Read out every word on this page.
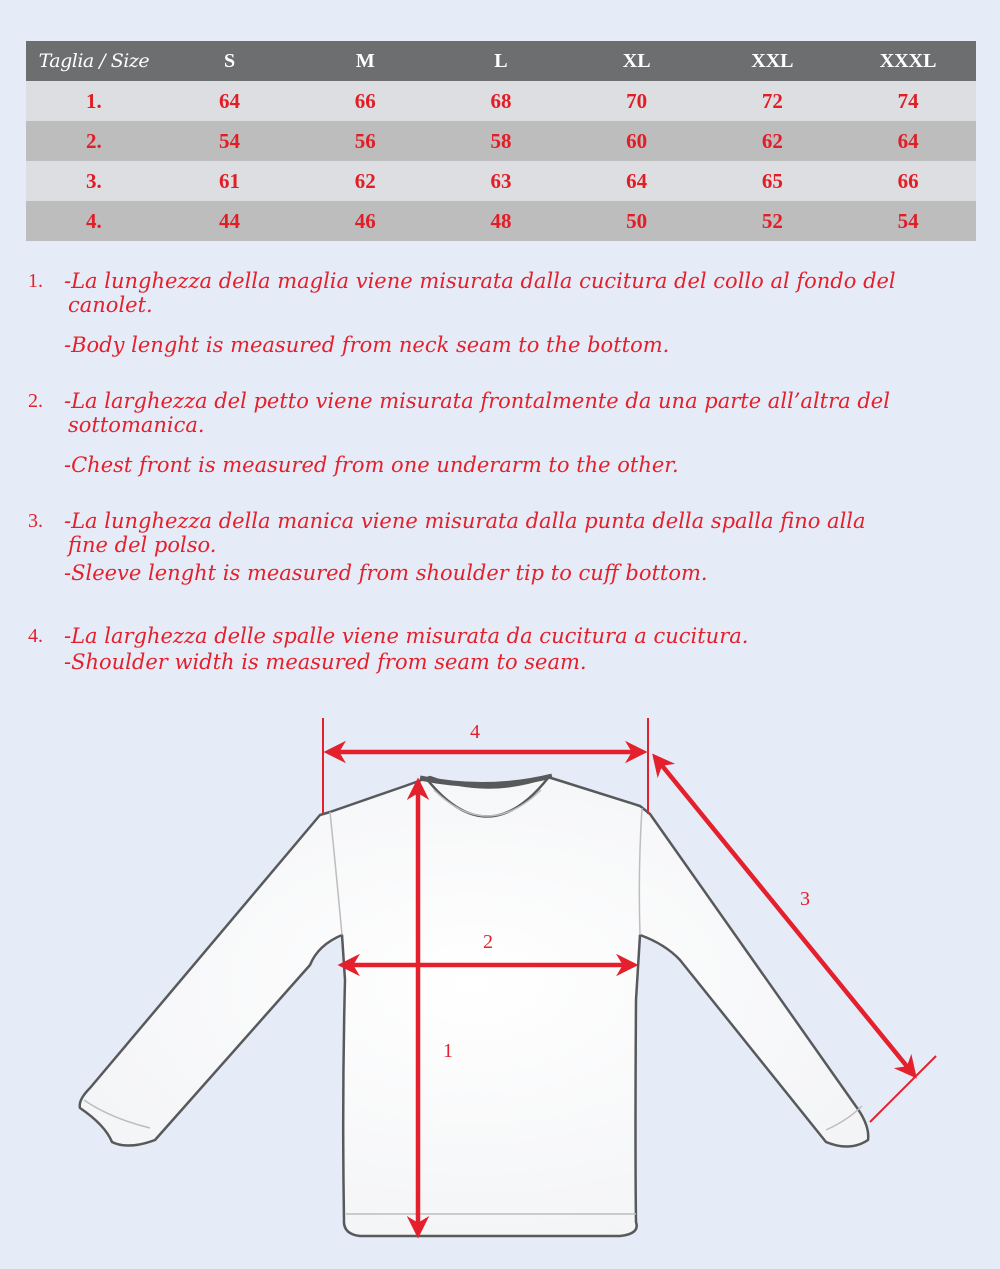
Taglia / Size	S	M	L	XL	XXL	XXXL
1.	64	66	68	70	72	74
2.	54	56	58	60	62	64
3.	61	62	63	64	65	66
4.	44	46	48	50	52	54
1. -La lunghezza della maglia viene misurata dalla cucitura del collo al fondo del
canolet.
-Body lenght is measured from neck seam to the bottom.
2. -La larghezza del petto viene misurata frontalmente da una parte all’altra del
sottomanica.
-Chest front is measured from one underarm to the other.
3. -La lunghezza della manica viene misurata dalla punta della spalla fino alla
fine del polso.
-Sleeve lenght is measured from shoulder tip to cuff bottom.
4. -La larghezza delle spalle viene misurata da cucitura a cucitura.
-Shoulder width is measured from seam to seam.
4
3
2
1
